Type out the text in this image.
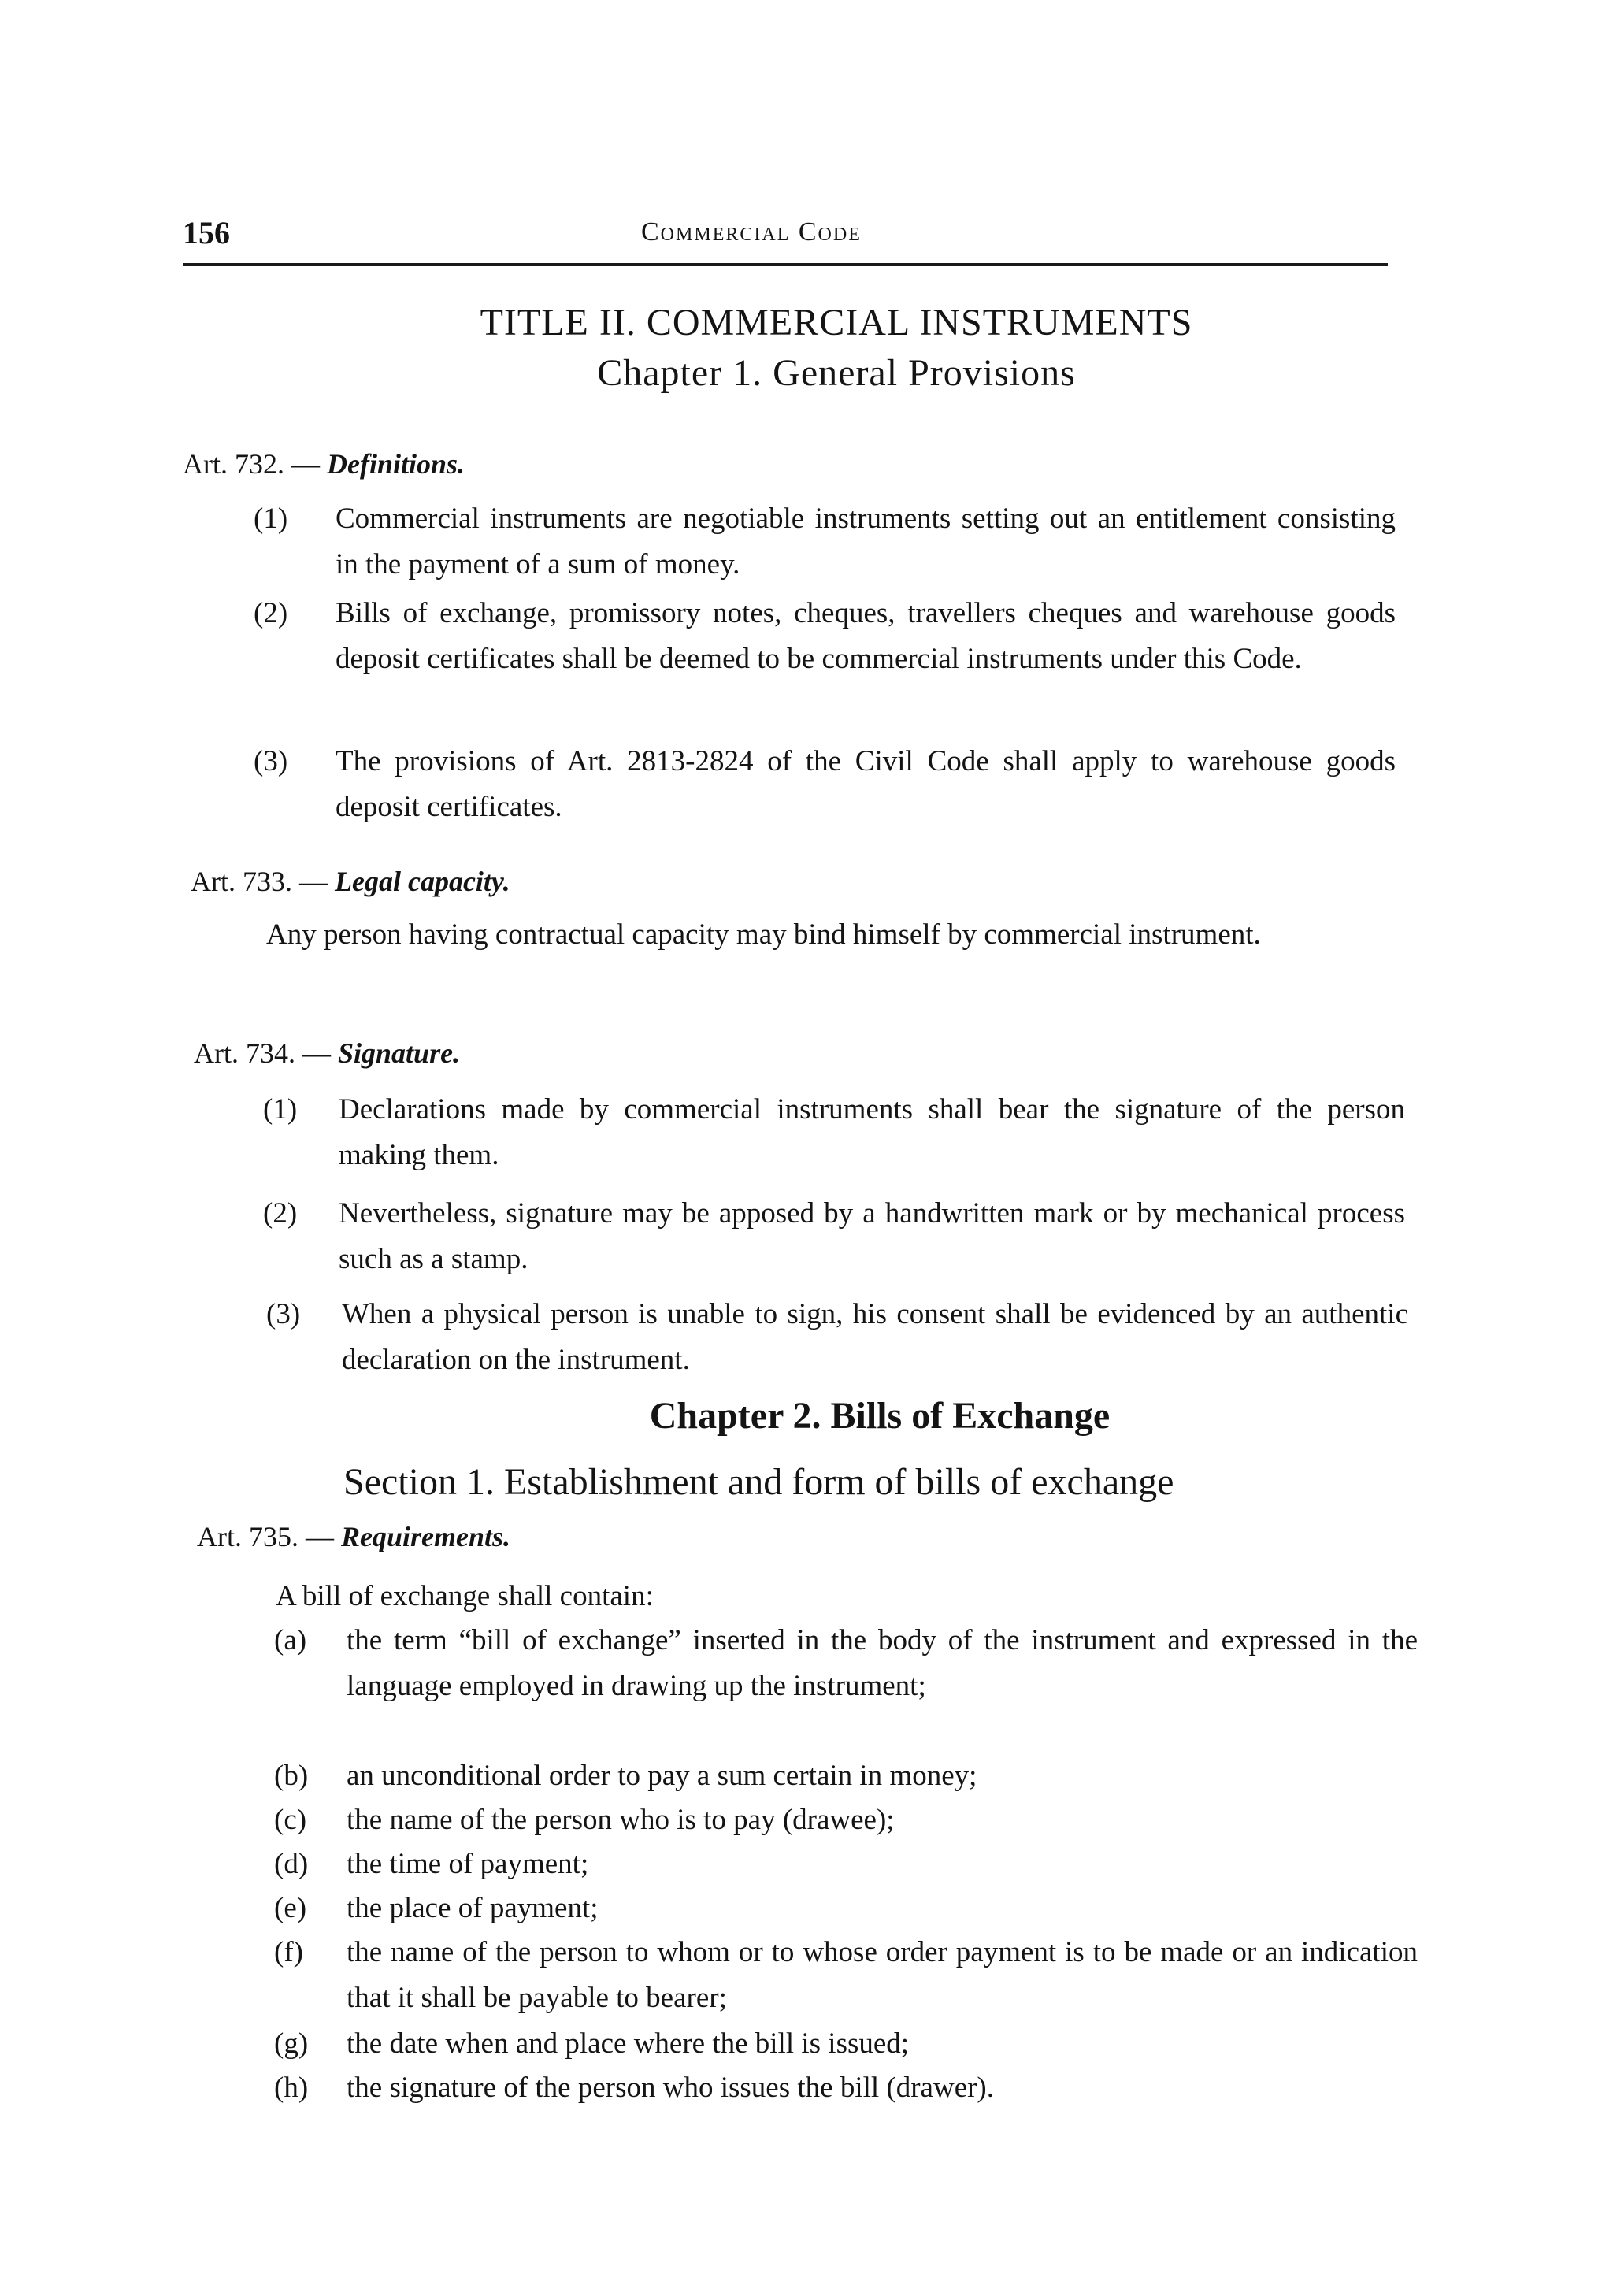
156	Commercial Code
TITLE II. COMMERCIAL INSTRUMENTS
Chapter 1. General Provisions
Art. 732. — Definitions.
(1) Commercial instruments are negotiable instruments setting out an entitlement consisting in the payment of a sum of money.
(2) Bills of exchange, promissory notes, cheques, travellers cheques and warehouse goods deposit certificates shall be deemed to be commercial instruments under this Code.
(3) The provisions of Art. 2813-2824 of the Civil Code shall apply to warehouse goods deposit certificates.
Art. 733. — Legal capacity.
Any person having contractual capacity may bind himself by commercial instrument.
Art. 734. — Signature.
(1) Declarations made by commercial instruments shall bear the signature of the person making them.
(2) Nevertheless, signature may be apposed by a handwritten mark or by mechanical process such as a stamp.
(3) When a physical person is unable to sign, his consent shall be evidenced by an authentic declaration on the instrument.
Chapter 2. Bills of Exchange
Section 1. Establishment and form of bills of exchange
Art. 735. — Requirements.
A bill of exchange shall contain:
(a) the term “bill of exchange” inserted in the body of the instrument and expressed in the language employed in drawing up the instrument;
(b) an unconditional order to pay a sum certain in money;
(c) the name of the person who is to pay (drawee);
(d) the time of payment;
(e) the place of payment;
(f) the name of the person to whom or to whose order payment is to be made or an indication that it shall be payable to bearer;
(g) the date when and place where the bill is issued;
(h) the signature of the person who issues the bill (drawer).
